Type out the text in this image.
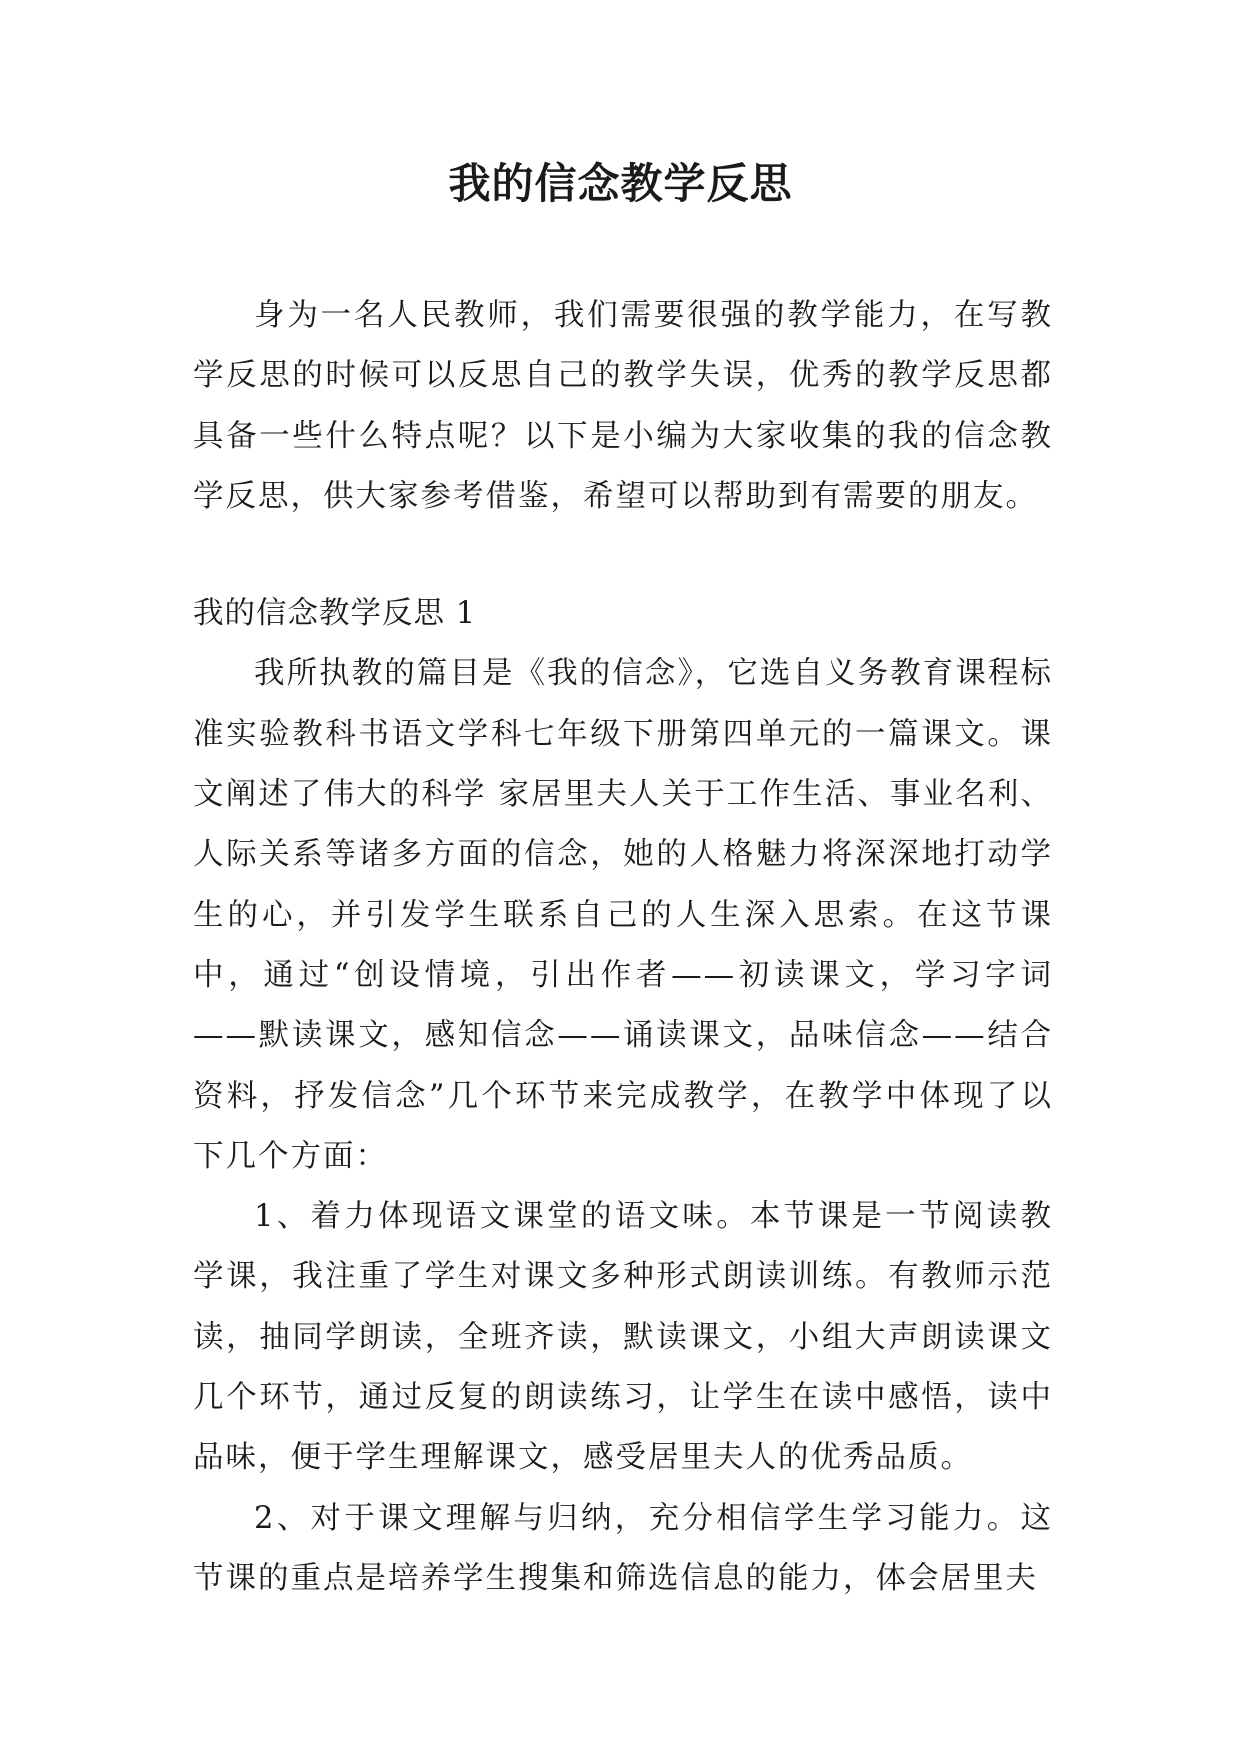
我的信念教学反思

身为一名人民教师，我们需要很强的教学能力，在写教学反思的时候可以反思自己的教学失误，优秀的教学反思都具备一些什么特点呢？以下是小编为大家收集的我的信念教学反思，供大家参考借鉴，希望可以帮助到有需要的朋友。

我的信念教学反思 1

我所执教的篇目是《我的信念》，它选自义务教育课程标准实验教科书语文学科七年级下册第四单元的一篇课文。课文阐述了伟大的科学 家居里夫人关于工作生活、事业名利、人际关系等诸多方面的信念，她的人格魅力将深深地打动学生的心，并引发学生联系自己的人生深入思索。在这节课中，通过“创设情境，引出作者——初读课文，学习字词——默读课文，感知信念——诵读课文，品味信念——结合资料，抒发信念”几个环节来完成教学，在教学中体现了以下几个方面：

1、着力体现语文课堂的语文味。本节课是一节阅读教学课，我注重了学生对课文多种形式朗读训练。有教师示范读，抽同学朗读，全班齐读，默读课文，小组大声朗读课文几个环节，通过反复的朗读练习，让学生在读中感悟，读中品味，便于学生理解课文，感受居里夫人的优秀品质。

2、对于课文理解与归纳，充分相信学生学习能力。这节课的重点是培养学生搜集和筛选信息的能力，体会居里夫
